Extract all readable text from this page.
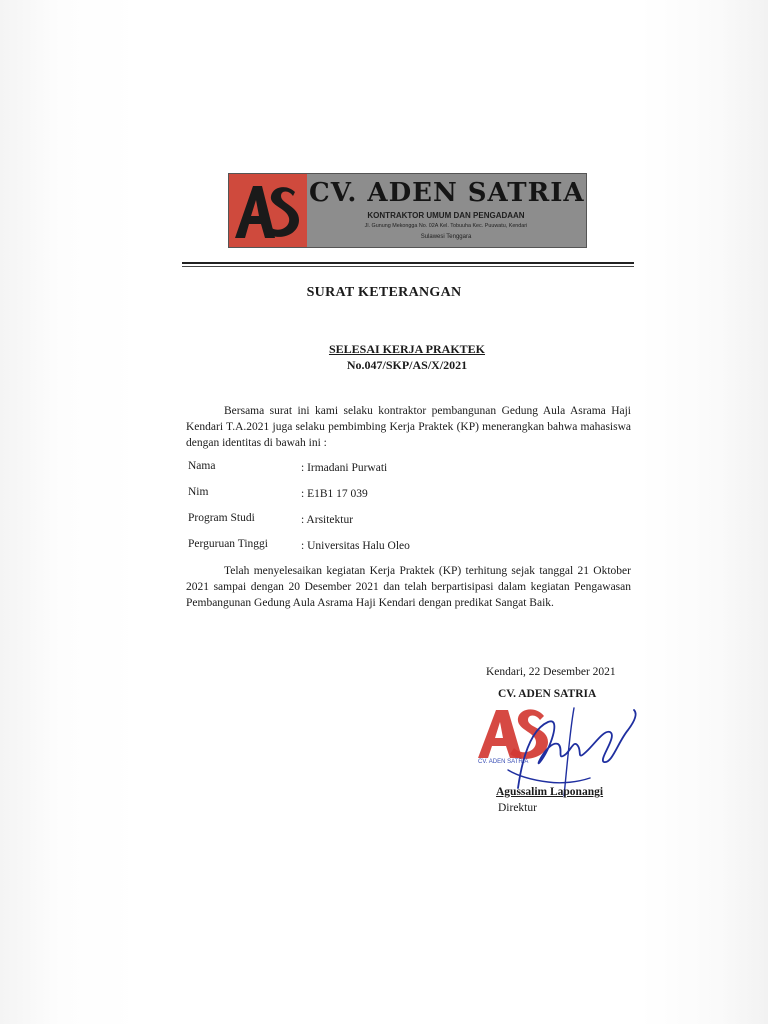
CV. ADEN SATRIA
KONTRAKTOR UMUM DAN PENGADAAN
Jl. Gunung Mekongga No. 02A Kel. Tobuuha Kec. Puuwatu, Kendari
Sulawesi Tenggara
SURAT KETERANGAN
SELESAI KERJA PRAKTEK
No.047/SKP/AS/X/2021
Bersama surat ini kami selaku kontraktor pembangunan Gedung Aula Asrama Haji Kendari T.A.2021 juga selaku pembimbing Kerja Praktek (KP) menerangkan bahwa mahasiswa dengan identitas di bawah ini :
Nama	: Irmadani Purwati
Nim	: E1B1 17 039
Program Studi	: Arsitektur
Perguruan Tinggi	: Universitas Halu Oleo
Telah menyelesaikan kegiatan Kerja Praktek (KP) terhitung sejak tanggal 21 Oktober 2021 sampai dengan 20 Desember 2021 dan telah berpartisipasi dalam kegiatan Pengawasan Pembangunan Gedung Aula Asrama Haji Kendari dengan predikat Sangat Baik.
Kendari, 22 Desember 2021
CV. ADEN SATRIA
CV. ADEN SATRIA
Agussalim Laponangi
Direktur
